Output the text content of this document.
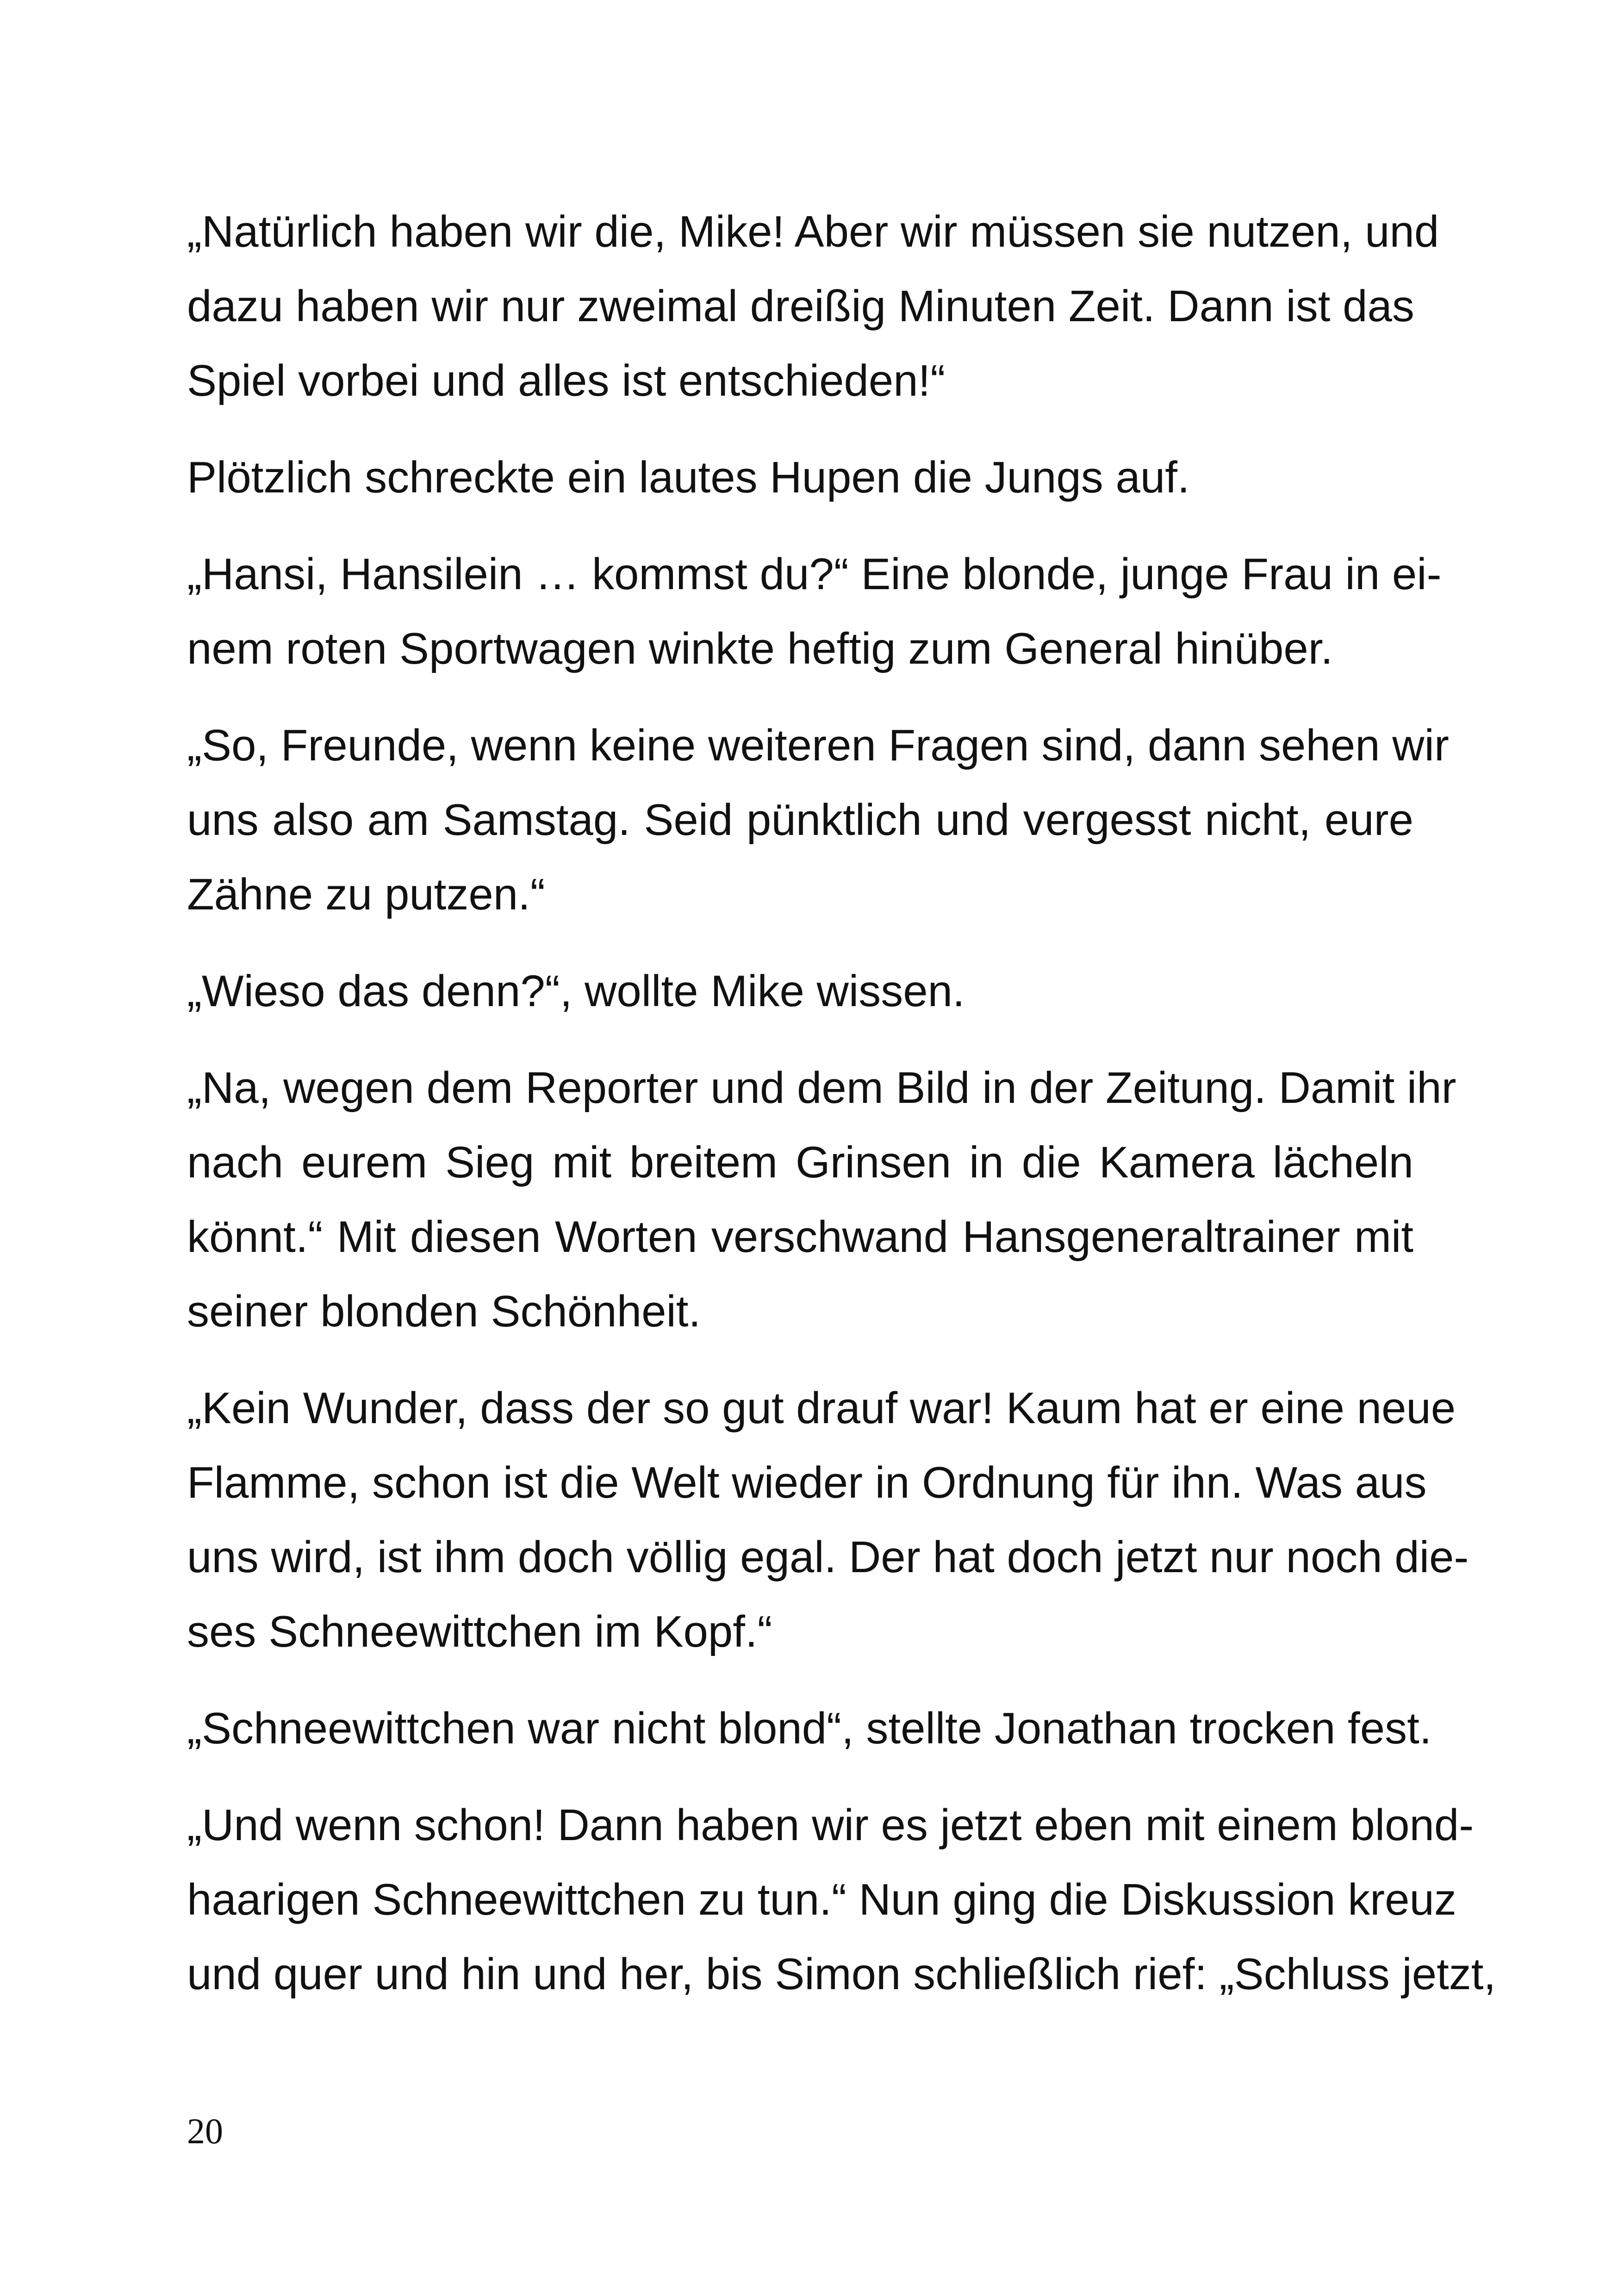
„Natürlich haben wir die, Mike! Aber wir müssen sie nutzen, und
dazu haben wir nur zweimal dreißig Minuten Zeit. Dann ist das
Spiel vorbei und alles ist entschieden!“

Plötzlich schreckte ein lautes Hupen die Jungs auf.

„Hansi, Hansilein … kommst du?“ Eine blonde, junge Frau in ei-
nem roten Sportwagen winkte heftig zum General hinüber.

„So, Freunde, wenn keine weiteren Fragen sind, dann sehen wir
uns also am Samstag. Seid pünktlich und vergesst nicht, eure
Zähne zu putzen.“

„Wieso das denn?“, wollte Mike wissen.

„Na, wegen dem Reporter und dem Bild in der Zeitung. Damit ihr
nach eurem Sieg mit breitem Grinsen in die Kamera lächeln
könnt.“ Mit diesen Worten verschwand Hansgeneraltrainer mit
seiner blonden Schönheit.

„Kein Wunder, dass der so gut drauf war! Kaum hat er eine neue
Flamme, schon ist die Welt wieder in Ordnung für ihn. Was aus
uns wird, ist ihm doch völlig egal. Der hat doch jetzt nur noch die-
ses Schneewittchen im Kopf.“

„Schneewittchen war nicht blond“, stellte Jonathan trocken fest.

„Und wenn schon! Dann haben wir es jetzt eben mit einem blond-
haarigen Schneewittchen zu tun.“ Nun ging die Diskussion kreuz
und quer und hin und her, bis Simon schließlich rief: „Schluss jetzt,

20
